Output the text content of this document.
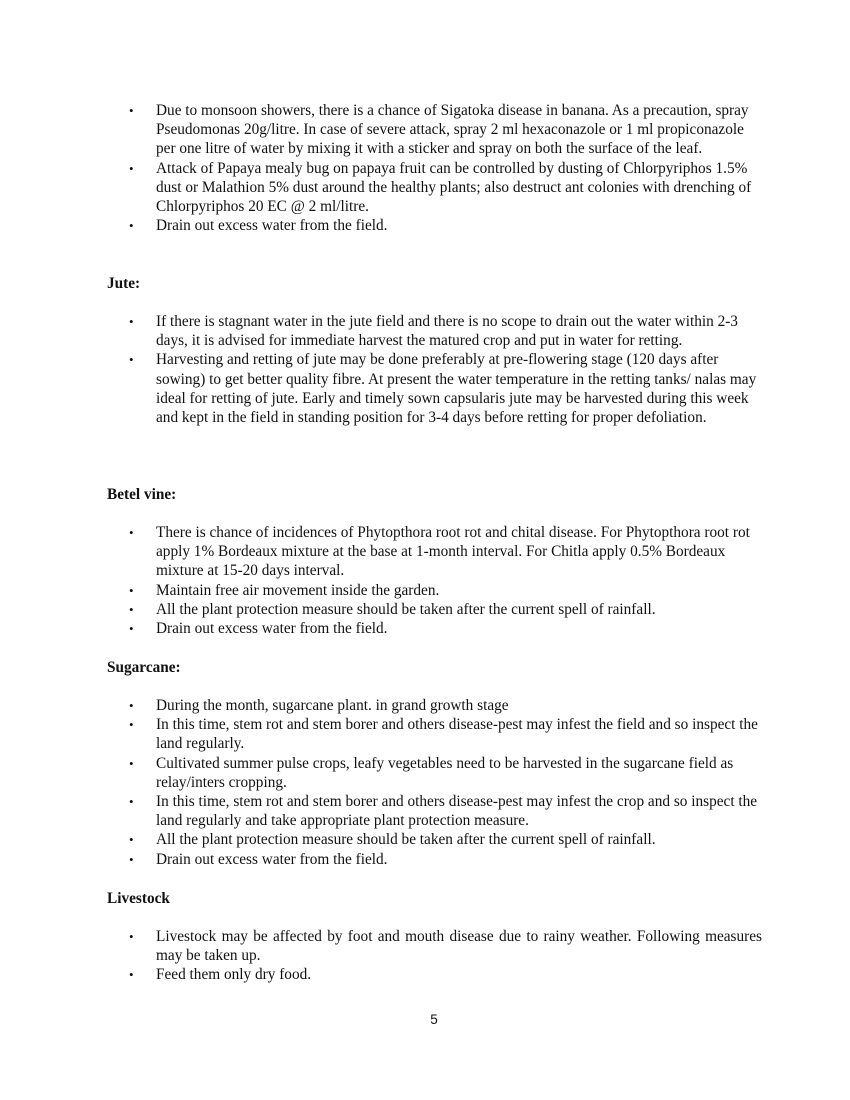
• Due to monsoon showers, there is a chance of Sigatoka disease in banana. As a precaution, spray Pseudomonas 20g/litre. In case of severe attack, spray 2 ml hexaconazole or 1 ml propiconazole per one litre of water by mixing it with a sticker and spray on both the surface of the leaf.
• Attack of Papaya mealy bug on papaya fruit can be controlled by dusting of Chlorpyriphos 1.5% dust or Malathion 5% dust around the healthy plants; also destruct ant colonies with drenching of Chlorpyriphos 20 EC @ 2 ml/litre.
• Drain out excess water from the field.
Jute:
• If there is stagnant water in the jute field and there is no scope to drain out the water within 2-3 days, it is advised for immediate harvest the matured crop and put in water for retting.
• Harvesting and retting of jute may be done preferably at pre-flowering stage (120 days after sowing) to get better quality fibre. At present the water temperature in the retting tanks/ nalas may ideal for retting of jute. Early and timely sown capsularis jute may be harvested during this week and kept in the field in standing position for 3-4 days before retting for proper defoliation.
Betel vine:
• There is chance of incidences of Phytopthora root rot and chital disease. For Phytopthora root rot apply 1% Bordeaux mixture at the base at 1-month interval. For Chitla apply 0.5% Bordeaux mixture at 15-20 days interval.
• Maintain free air movement inside the garden.
• All the plant protection measure should be taken after the current spell of rainfall.
• Drain out excess water from the field.
Sugarcane:
• During the month, sugarcane plant. in grand growth stage
• In this time, stem rot and stem borer and others disease-pest may infest the field and so inspect the land regularly.
• Cultivated summer pulse crops, leafy vegetables need to be harvested in the sugarcane field as relay/inters cropping.
• In this time, stem rot and stem borer and others disease-pest may infest the crop and so inspect the land regularly and take appropriate plant protection measure.
• All the plant protection measure should be taken after the current spell of rainfall.
• Drain out excess water from the field.
Livestock
• Livestock may be affected by foot and mouth disease due to rainy weather. Following measures may be taken up.
• Feed them only dry food.
5
